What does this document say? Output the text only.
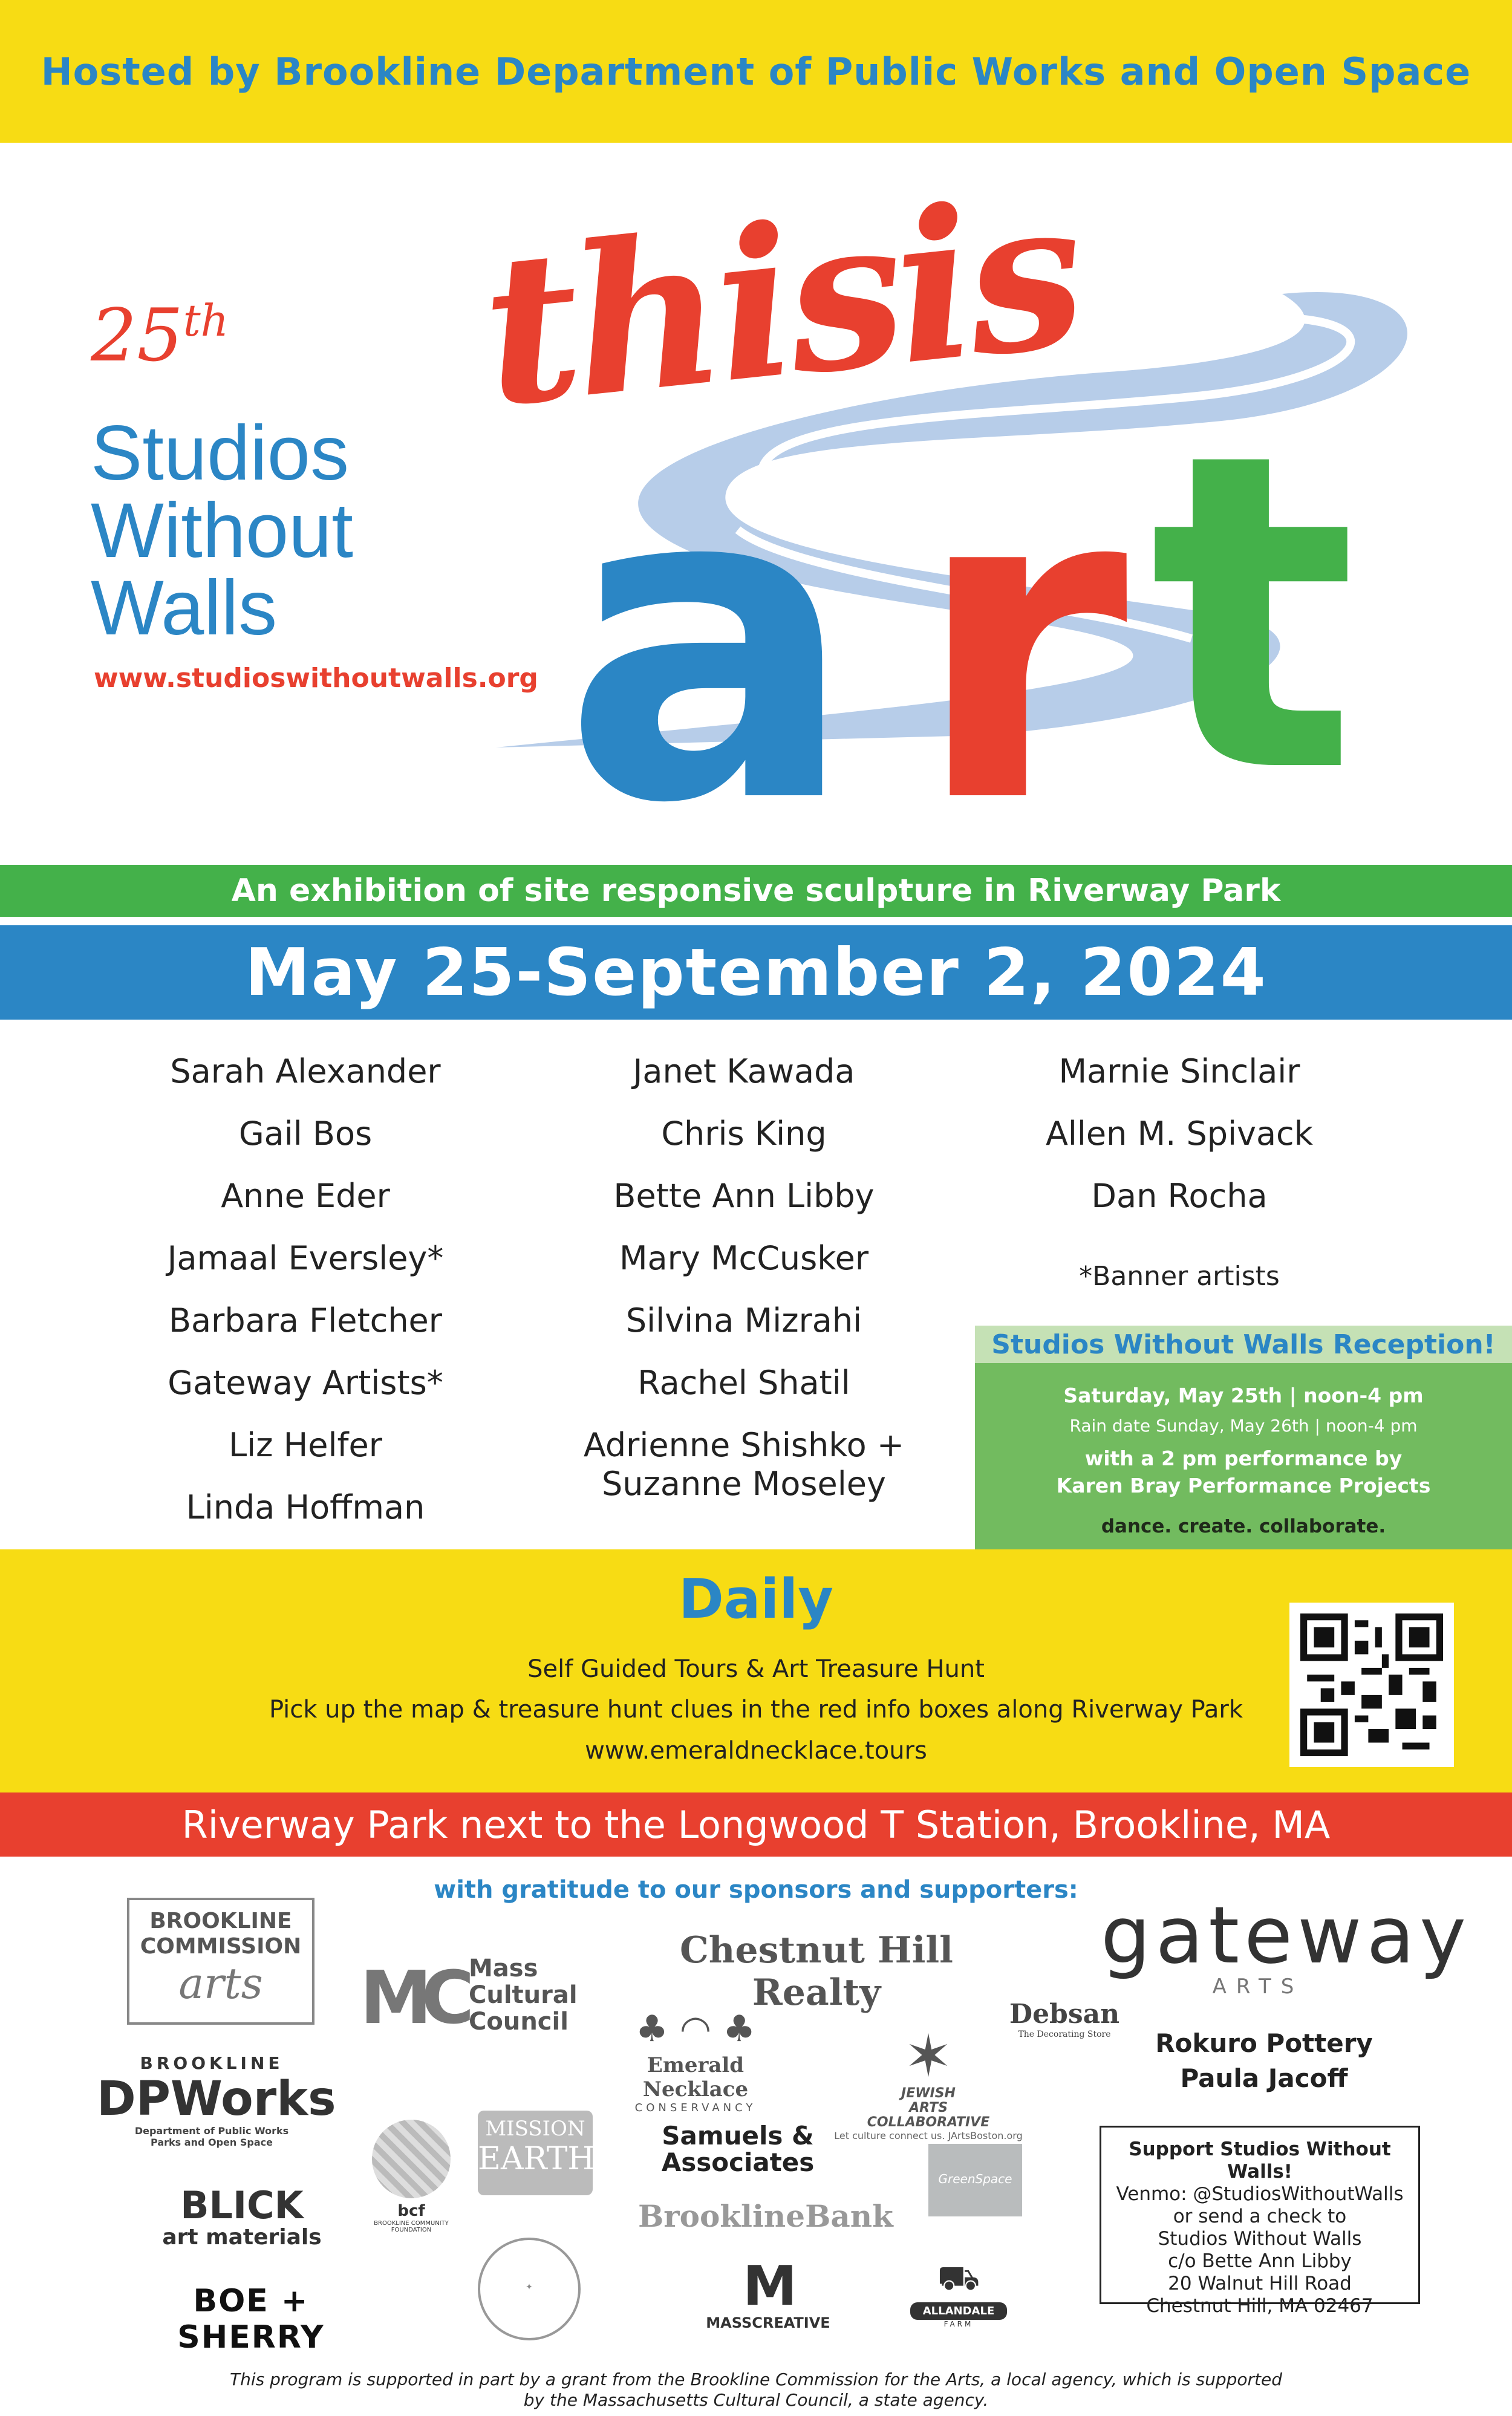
Hosted by Brookline Department of Public Works and Open Space
25th
Studios
Without
Walls
www.studioswithoutwalls.org
this
is
a r t
An exhibition of site responsive sculpture in Riverway Park
May 25-September 2, 2024
Sarah Alexander
Gail Bos
Anne Eder
Jamaal Eversley*
Barbara Fletcher
Gateway Artists*
Liz Helfer
Linda Hoffman
Janet Kawada
Chris King
Bette Ann Libby
Mary McCusker
Silvina Mizrahi
Rachel Shatil
Adrienne Shishko +
Suzanne Moseley
Marnie Sinclair
Allen M. Spivack
Dan Rocha
*Banner artists
Studios Without Walls Reception!
Saturday, May 25th | noon-4 pm
Rain date Sunday, May 26th | noon-4 pm
with a 2 pm performance by
Karen Bray Performance Projects
dance. create. collaborate.
Daily
Self Guided Tours & Art Treasure Hunt
Pick up the map & treasure hunt clues in the red info boxes along Riverway Park
www.emeraldnecklace.tours
Riverway Park next to the Longwood T Station, Brookline, MA
with gratitude to our sponsors and supporters:
BROOKLINE
COMMISSION
arts	MC Mass
Cultural
Council
Chestnut Hill Realty
gateway
ARTS
BROOKLINE
DPWorks
Department of Public Works
Parks and Open Space
♣ ◠ ♣
Emerald Necklace
CONSERVANCY
✶
JEWISH
ARTS
COLLABORATIVE
Let culture connect us. JArtsBoston.org
Debsan
The Decorating Store	Rokuro Pottery
Paula Jacoff
bcf
BROOKLINE COMMUNITY FOUNDATION
MISSION
EARTH
Samuels &
Associates
BrooklineBank
GreenSpace
Support Studios Without Walls!
Venmo: @StudiosWithoutWalls
or send a check to
Studios Without Walls
c/o Bette Ann Libby
20 Walnut Hill Road
Chestnut Hill, MA 02467
BLICK
art materials
✦	M
MASSCREATIVE
⛟
ALLANDALE
FARM
BOE + SHERRY
This program is supported in part by a grant from the Brookline Commission for the Arts, a local agency, which is supported
by the Massachusetts Cultural Council, a state agency.
